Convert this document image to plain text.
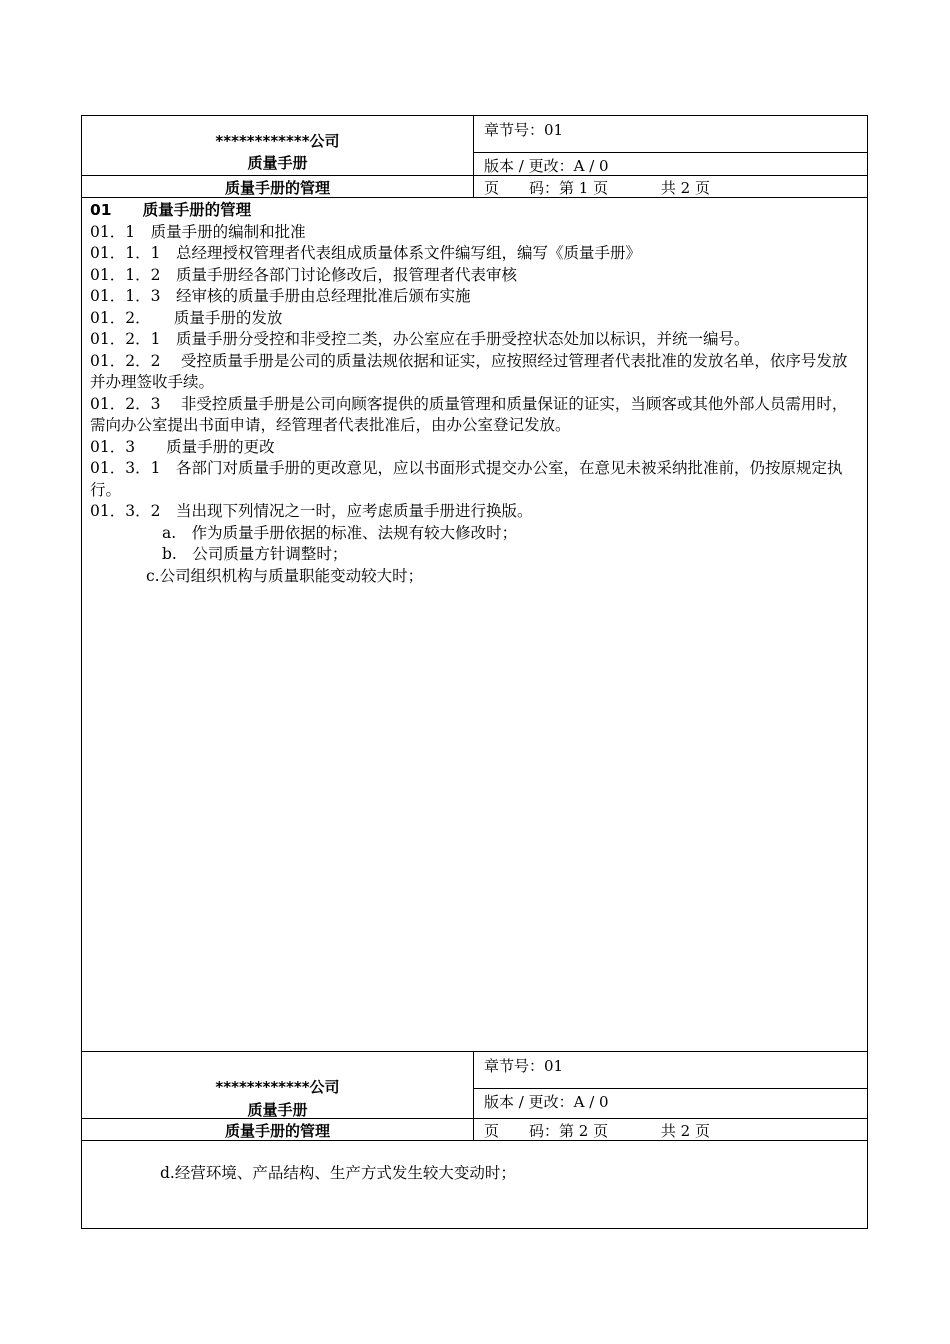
************公司
质量手册
质量手册的管理
章节号：01
版本 / 更改：A / 0
页　　码：第 1 页	共 2 页

01　　质量手册的管理

01．1　质量手册的编制和批准

01．1．1　总经理授权管理者代表组成质量体系文件编写组，编写《质量手册》

01．1．2　质量手册经各部门讨论修改后，报管理者代表审核

01．1．3　经审核的质量手册由总经理批准后颁布实施

01．2．　　质量手册的发放

01．2．1　质量手册分受控和非受控二类，办公室应在手册受控状态处加以标识，并统一编号。

01．2．2　 受控质量手册是公司的质量法规依据和证实，应按照经过管理者代表批准的发放名单，依序号发放并办理签收手续。

01．2．3　 非受控质量手册是公司向顾客提供的质量管理和质量保证的证实，当顾客或其他外部人员需用时，需向办公室提出书面申请，经管理者代表批准后，由办公室登记发放。

01．3　　质量手册的更改

01．3．1　各部门对质量手册的更改意见，应以书面形式提交办公室，在意见未被采纳批准前，仍按原规定执行。

01．3．2　当出现下列情况之一时，应考虑质量手册进行换版。

a.　作为质量手册依据的标准、法规有较大修改时；

b.　公司质量方针调整时；

c.公司组织机构与质量职能变动较大时；

************公司
质量手册
质量手册的管理
章节号：01
版本 / 更改：A / 0
页　　码：第 2 页	共 2 页

d.经营环境、产品结构、生产方式发生较大变动时；
